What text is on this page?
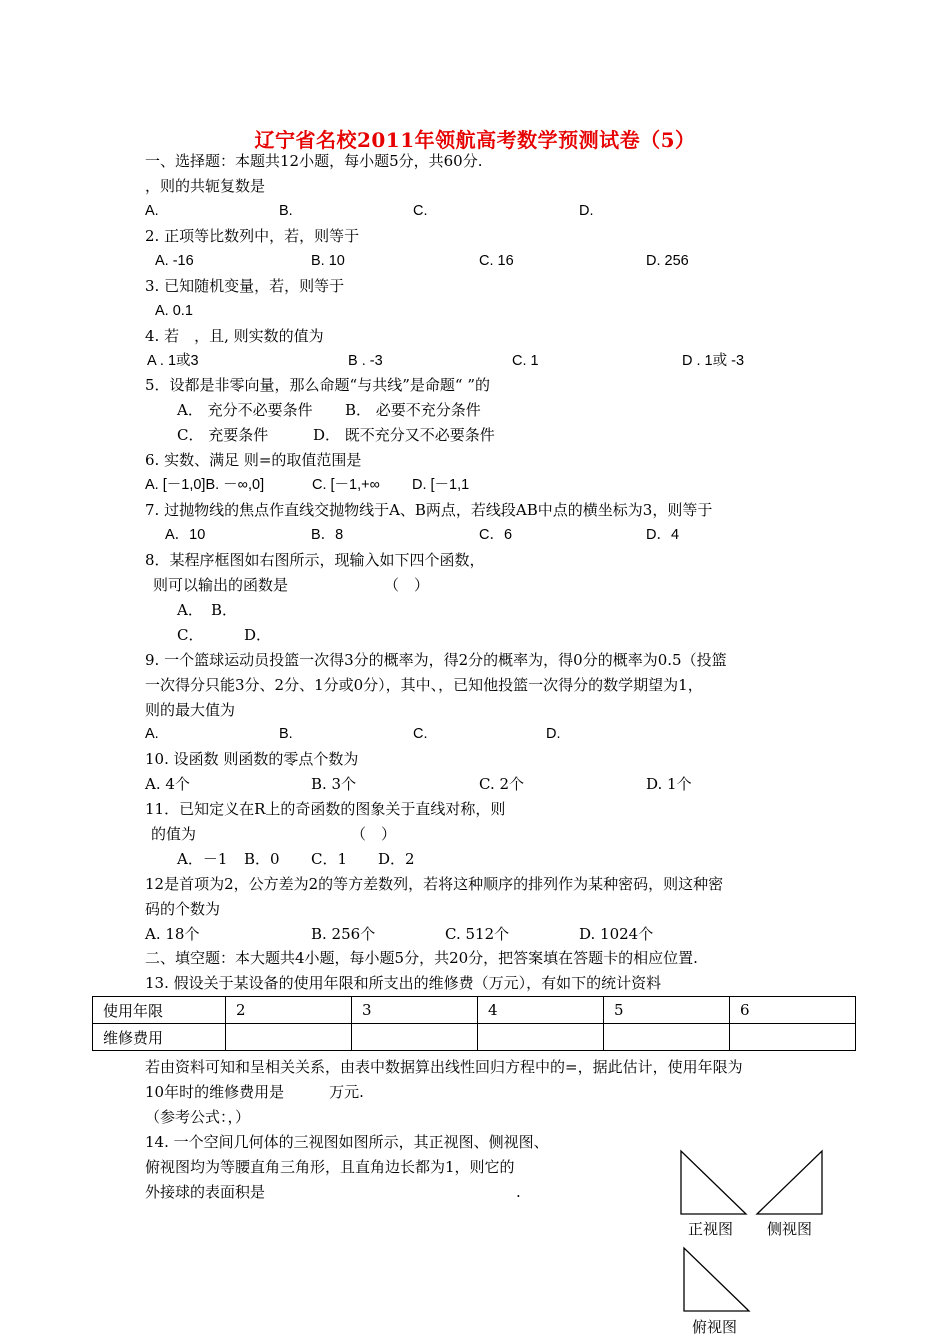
辽宁省名校2011年领航高考数学预测试卷（5）
一、选择题：本题共12小题，每小题5分，共60分.
，则的共轭复数是
A.	B.	C.	D.
2. 正项等比数列中，若，则等于
A. -16	B. 10	C. 16	D. 256
3. 已知随机变量，若，则等于
A. 0.1
4. 若　，且, 则实数的值为
A . 1或3	B . -3	C. 1	D . 1或 -3
5．设都是非零向量，那么命题“与共线”是命题“ ”的
A． 充分不必要条件 B． 必要不充分条件
C． 充要条件	D． 既不充分又不必要条件
6. 实数、满足 则=的取值范围是
A. [－1,0]B. －∞,0]	C. [－1,+∞ D. [－1,1
7. 过抛物线的焦点作直线交抛物线于A、B两点，若线段AB中点的横坐标为3，则等于
A．10	B．8	C．6	D．4
8．某程序框图如右图所示，现输入如下四个函数，
则可以输出的函数是	（　）
A． B．
C．	D．
9. 一个篮球运动员投篮一次得3分的概率为，得2分的概率为，得0分的概率为0.5（投篮
一次得分只能3分、2分、1分或0分），其中、，已知他投篮一次得分的数学期望为1，
则的最大值为
A.	B.	C.	D.
10. 设函数 则函数的零点个数为
A. 4个	B. 3个	C. 2个	D. 1个
11．已知定义在R上的奇函数的图象关于直线对称，则
的值为	（　）
A．－1 B．0 C．1 D．2
12是首项为2，公方差为2的等方差数列，若将这种顺序的排列作为某种密码，则这种密
码的个数为
A. 18个	B. 256个	C. 512个	D. 1024个
二、填空题：本大题共4小题，每小题5分，共20分，把答案填在答题卡的相应位置.
13. 假设关于某设备的使用年限和所支出的维修费（万元），有如下的统计资料
使用年限	2	3	4	5	6
维修费用					
若由资料可知和呈相关关系，由表中数据算出线性回归方程中的=，据此估计，使用年限为
10年时的维修费用是　　　万元.
（参考公式：，）
14. 一个空间几何体的三视图如图所示，其正视图、侧视图、
俯视图均为等腰直角三角形，且直角边长都为1，则它的
外接球的表面积是	.
正视图 侧视图
俯视图
